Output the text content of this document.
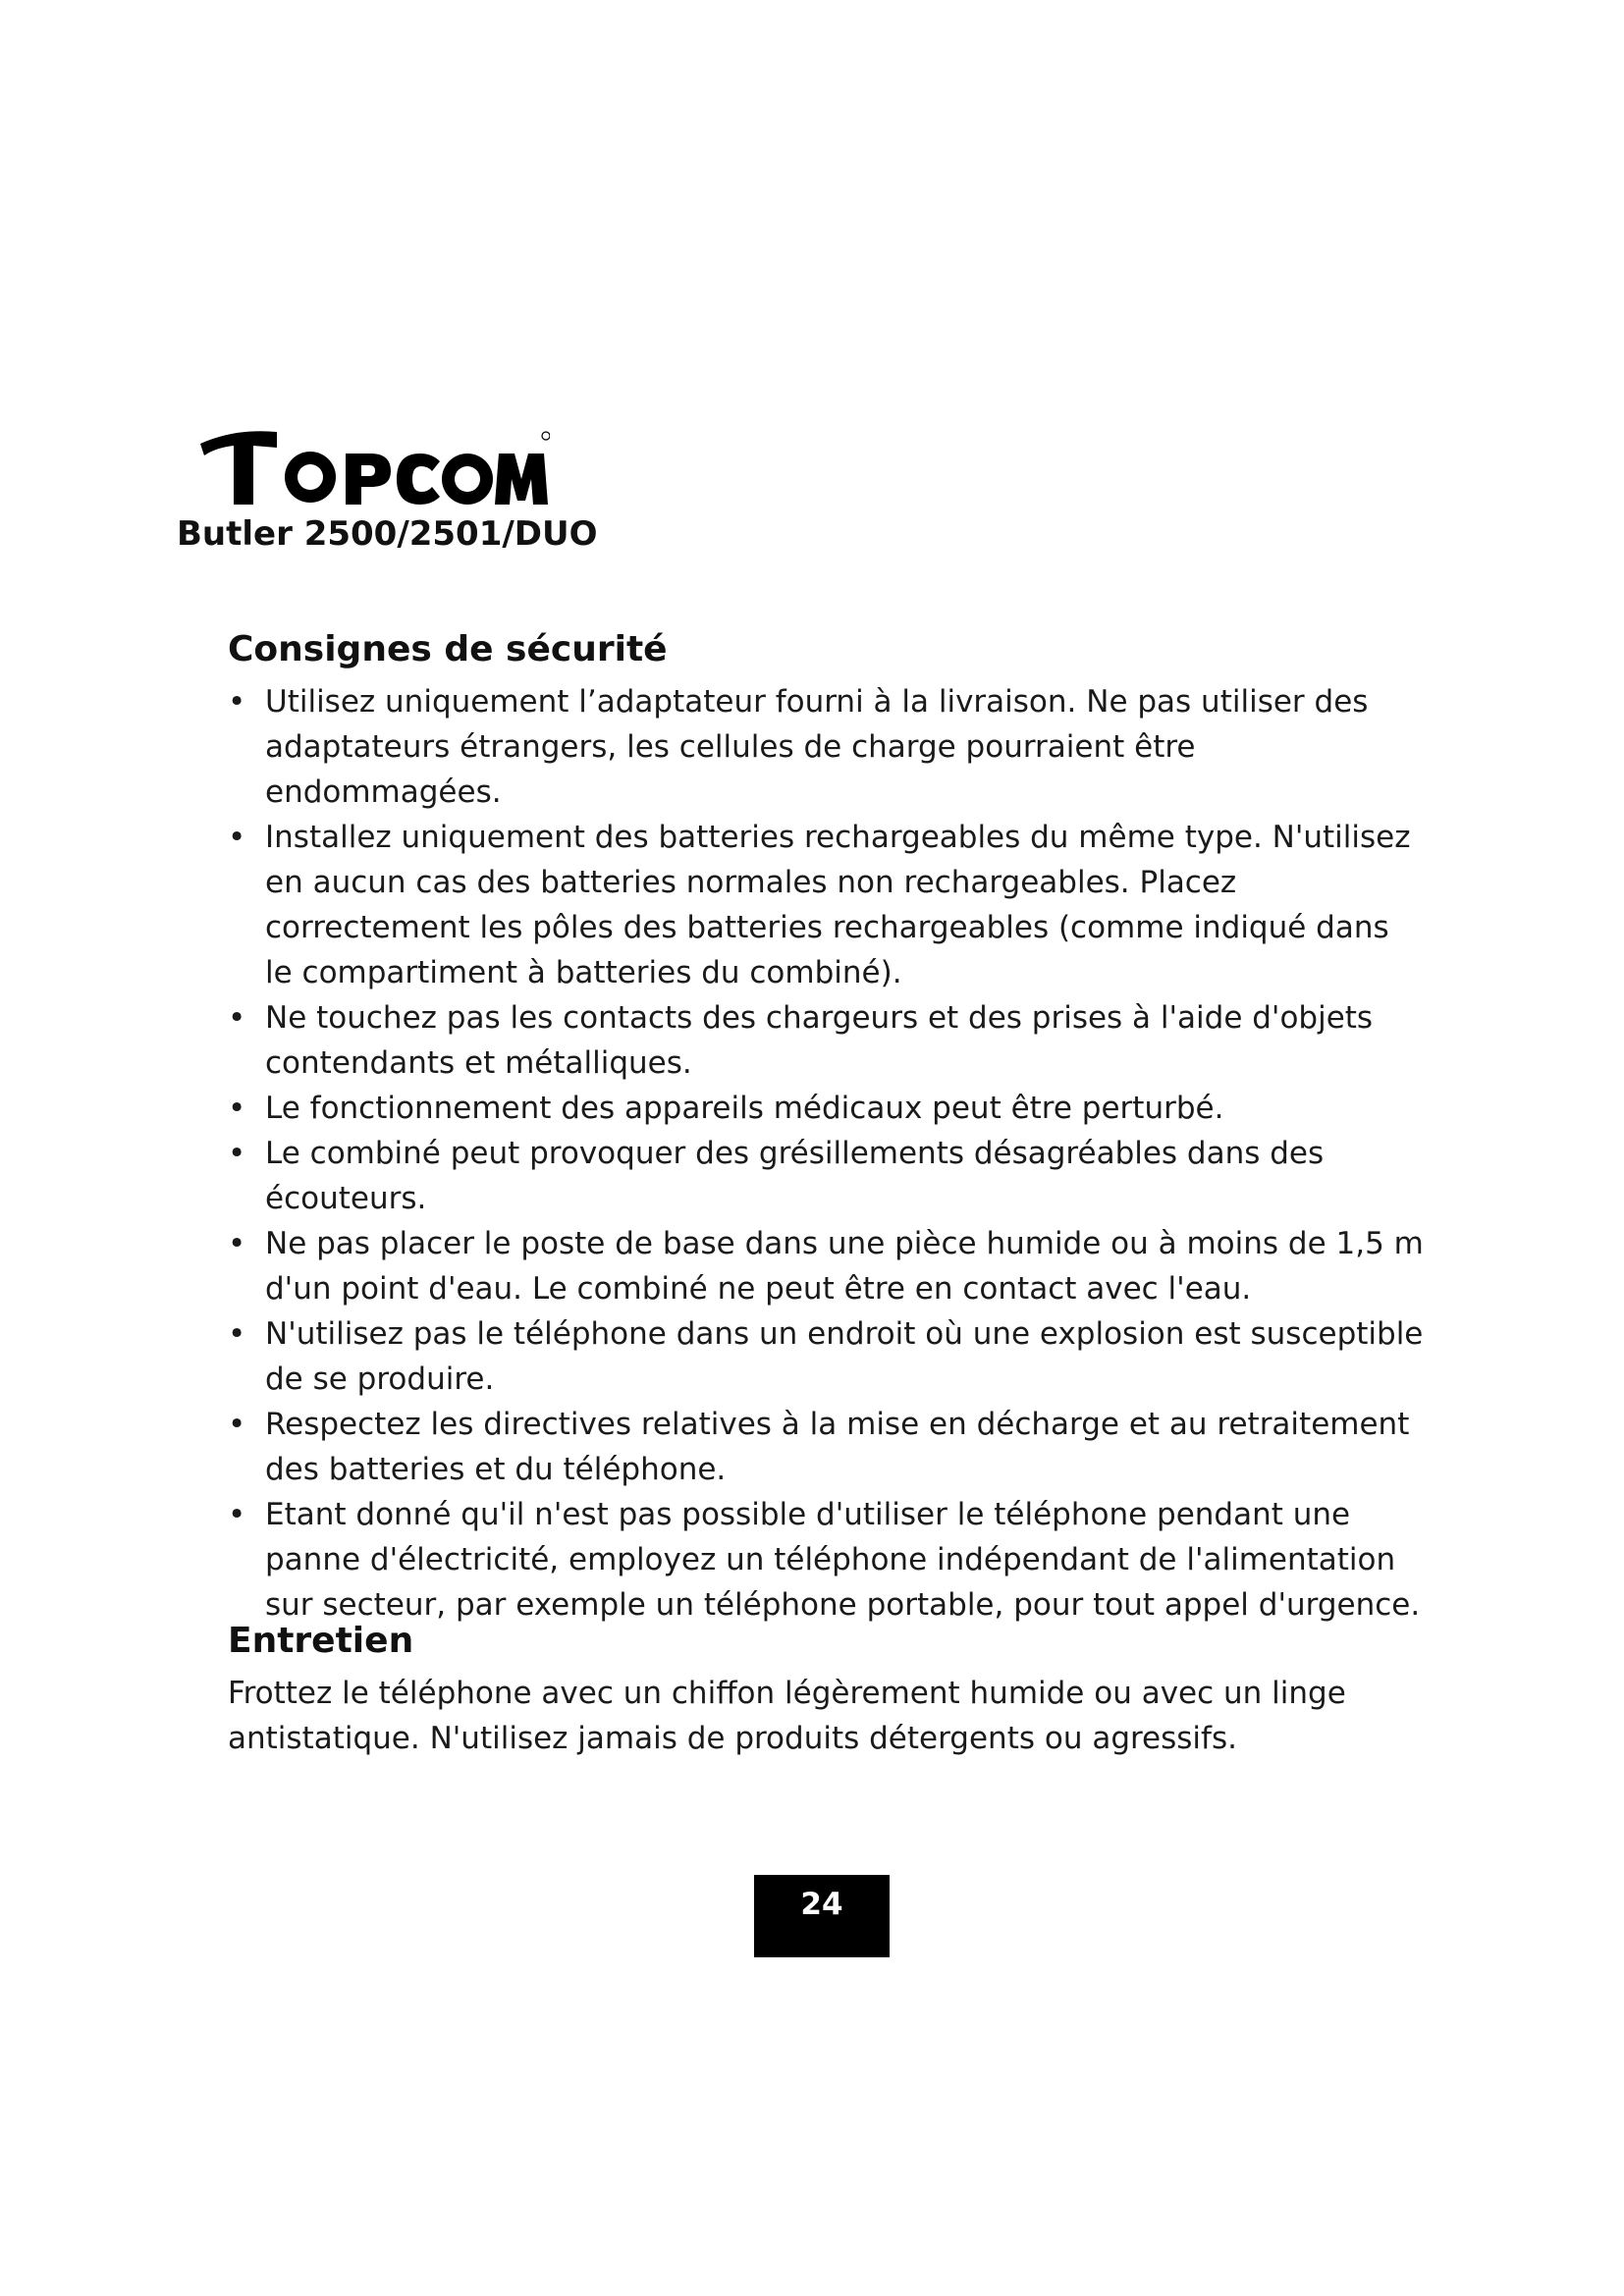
Butler 2500/2501/DUO
Consignes de sécurité
• Utilisez uniquement l’adaptateur fourni à la livraison. Ne pas utiliser des adaptateurs étrangers, les cellules de charge pourraient être endommagées.
• Installez uniquement des batteries rechargeables du même type. N'utilisez en aucun cas des batteries normales non rechargeables. Placez correctement les pôles des batteries rechargeables (comme indiqué dans le compartiment à batteries du combiné).
• Ne touchez pas les contacts des chargeurs et des prises à l'aide d'objets contendants et métalliques.
• Le fonctionnement des appareils médicaux peut être perturbé.
• Le combiné peut provoquer des grésillements désagréables dans des écouteurs.
• Ne pas placer le poste de base dans une pièce humide ou à moins de 1,5 m d'un point d'eau. Le combiné ne peut être en contact avec l'eau.
• N'utilisez pas le téléphone dans un endroit où une explosion est susceptible de se produire.
• Respectez les directives relatives à la mise en décharge et au retraitement des batteries et du téléphone.
• Etant donné qu'il n'est pas possible d'utiliser le téléphone pendant une panne d'électricité, employez un téléphone indépendant de l'alimentation sur secteur, par exemple un téléphone portable, pour tout appel d'urgence.
Entretien

Frottez le téléphone avec un chiffon légèrement humide ou avec un linge antistatique. N'utilisez jamais de produits détergents ou agressifs.

24
